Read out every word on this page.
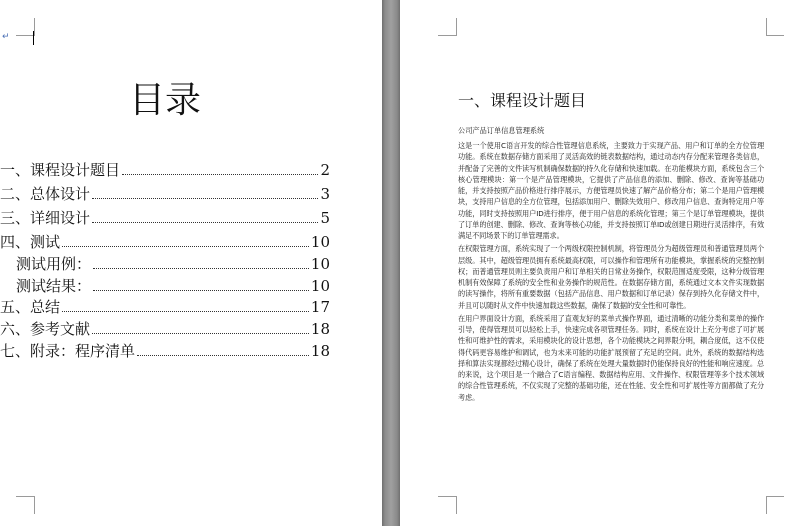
↵
目录
一、课程设计题目	2
二、总体设计	3
三、详细设计	5
四、测试	10
测试用例：	10
测试结果：	10
五、总结	17
六、参考文献	18
七、附录：程序清单	18
一、课程设计题目

公司产品订单信息管理系统

这是一个使用C语言开发的综合性管理信息系统，主要致力于实现产品、用户和订单的全方位管理功能。系统在数据存储方面采用了灵活高效的链表数据结构，通过动态内存分配来管理各类信息，并配备了完善的文件读写机制确保数据的持久化存储和快速加载。在功能模块方面，系统包含三个核心管理模块：第一个是产品管理模块，它提供了产品信息的添加、删除、修改、查询等基础功能，并支持按照产品价格进行排序展示，方便管理员快速了解产品价格分布；第二个是用户管理模块，支持用户信息的全方位管理，包括添加用户、删除失效用户、修改用户信息、查询特定用户等功能，同时支持按照用户ID进行排序，便于用户信息的系统化管理；第三个是订单管理模块，提供了订单的创建、删除、修改、查询等核心功能，并支持按照订单ID或创建日期进行灵活排序，有效满足不同场景下的订单管理需求。

在权限管理方面，系统实现了一个两级权限控制机制，将管理员分为超级管理员和普通管理员两个层级。其中，超级管理员拥有系统最高权限，可以操作和管理所有功能模块，掌握系统的完整控制权；而普通管理员则主要负责用户和订单相关的日常业务操作，权限范围适度受限，这种分级管理机制有效保障了系统的安全性和业务操作的规范性。在数据存储方面，系统通过文本文件实现数据的读写操作，将所有重要数据（包括产品信息、用户数据和订单记录）保存到持久化存储文件中，并且可以随时从文件中快速加载这些数据，确保了数据的安全性和可靠性。

在用户界面设计方面，系统采用了直观友好的菜单式操作界面，通过清晰的功能分类和菜单的操作引导，使得管理员可以轻松上手，快速完成各项管理任务。同时，系统在设计上充分考虑了可扩展性和可维护性的需求，采用模块化的设计思想，各个功能模块之间界限分明，耦合度低，这不仅使得代码更容易维护和调试，也为未来可能的功能扩展预留了充足的空间。此外，系统的数据结构选择和算法实现都经过精心设计，确保了系统在处理大量数据时仍能保持良好的性能和响应速度。总的来说，这个项目是一个融合了C语言编程、数据结构应用、文件操作、权限管理等多个技术领域的综合性管理系统，不仅实现了完整的基础功能，还在性能、安全性和可扩展性等方面都做了充分考虑。
